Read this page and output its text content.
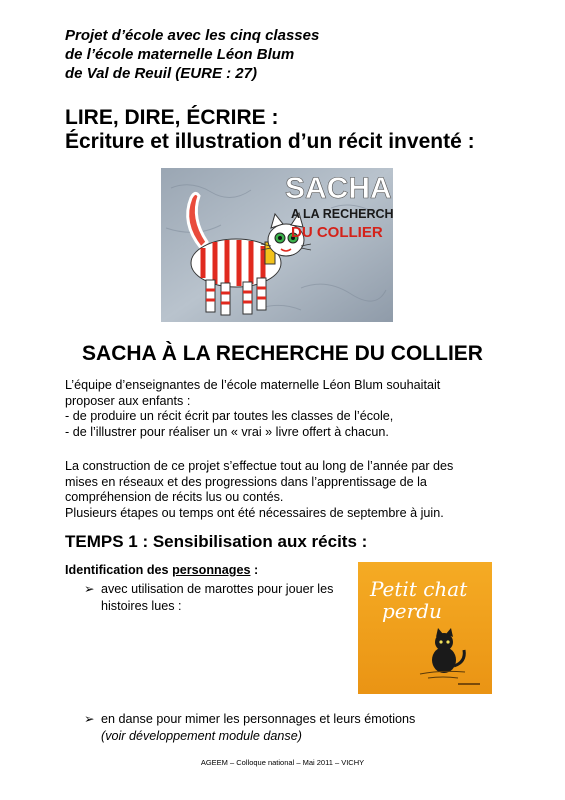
Projet d’école avec les cinq classes
de l’école maternelle Léon Blum
de Val de Reuil (EURE : 27)
LIRE, DIRE, ÉCRIRE :
Écriture et illustration d’un récit inventé :
SACHA
A LA RECHERCHE
DU COLLIER
SACHA À LA RECHERCHE DU COLLIER
L’équipe d’enseignantes de l’école maternelle Léon Blum souhaitait
proposer aux enfants :
- de produire un récit écrit par toutes les classes de l’école,
- de l’illustrer pour réaliser un « vrai » livre offert à chacun.
La construction de ce projet s’effectue tout au long de l’année par des
mises en réseaux et des progressions dans l’apprentissage de la
compréhension de récits lus ou contés.
Plusieurs étapes ou temps ont été nécessaires de septembre à juin.
TEMPS 1 : Sensibilisation aux récits :
Identification des personnages :
➢ avec utilisation de marottes pour jouer les
histoires lues :
Petit chat
perdu
➢ en danse pour mimer les personnages et leurs émotions
(voir développement module danse)
AGEEM – Colloque national – Mai 2011 – VICHY
